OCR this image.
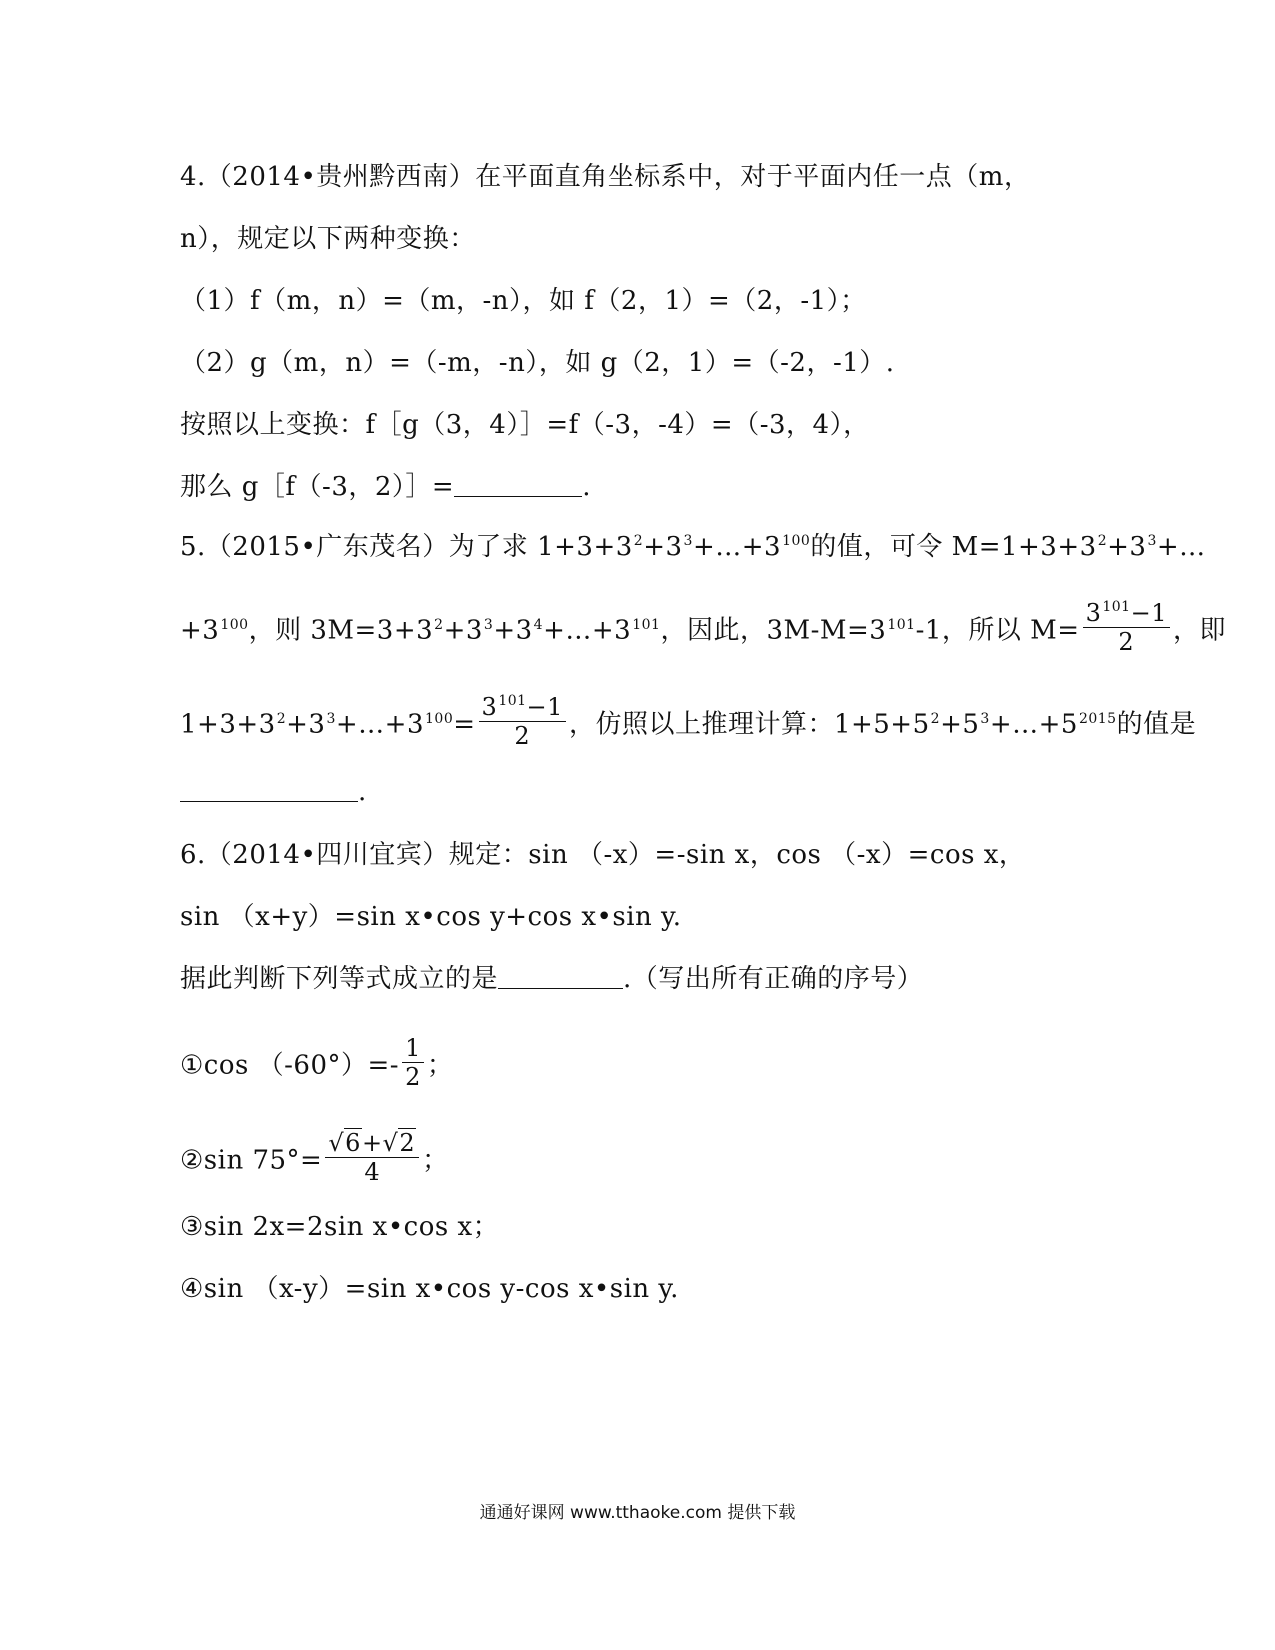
4.（2014•贵州黔西南）在平面直角坐标系中，对于平面内任一点（m，
n），规定以下两种变换：
（1）f（m，n）=（m，-n），如 f（2，1）=（2，-1）；
（2）g（m，n）=（-m，-n），如 g（2，1）=（-2，-1）.
按照以上变换：f［g（3，4）］=f（-3，-4）=（-3，4），
那么 g［f（-3，2）］=	.
5.（2015•广东茂名）为了求 $1+3+3^2+3^3+\dots+3^{100}$的值，可令 $M=1+3+3^2+3^3+\dots$
$+3^{100}$，则 $3M=3+3^2+3^3+3^4+\dots+3^{101}$，因此，$3M-M=3^{101}-1$，所以 $M= \frac{3^{101}-1}{2}$ ，即
$1+3+3^2+3^3+\dots+3^{100}= \frac{3^{101}-1}{2}$ ，仿照以上推理计算：$1+5+5^2+5^3+\dots+5^{2015}$的值是
.
6.（2014•四川宜宾）规定：sin （-x）=-sin x，cos （-x）=cos x，
sin （x+y）=sin x•cos y+cos x•sin y.
据此判断下列等式成立的是	.（写出所有正确的序号）
①cos $(-60^\circ)=- \frac{1}{2}$ ；
②sin $75^\circ= \frac{√6+√2}{4}$ ；
③sin 2x=2sin x•cos x；
④sin （x-y）=sin x•cos y-cos x•sin y.
通通好课网 www.tthaoke.com 提供下载
